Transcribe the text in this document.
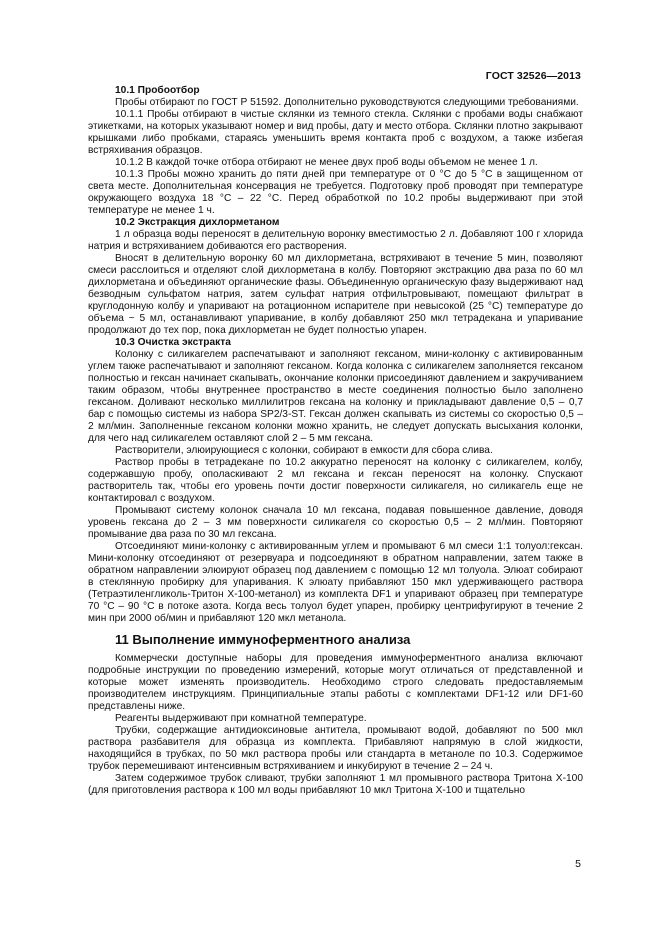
ГОСТ 32526—2013
10.1 Пробоотбор

Пробы отбирают по ГОСТ Р 51592. Дополнительно руководствуются следующими требованиями.

10.1.1 Пробы отбирают в чистые склянки из темного стекла. Склянки с пробами воды снабжают этикетками, на которых указывают номер и вид пробы, дату и место отбора. Склянки плотно закрывают крышками либо пробками, стараясь уменьшить время контакта проб с воздухом, а также избегая встряхивания образцов.

10.1.2 В каждой точке отбора отбирают не менее двух проб воды объемом не менее 1 л.

10.1.3 Пробы можно хранить до пяти дней при температуре от 0 °С до 5 °С в защищенном от света месте. Дополнительная консервация не требуется. Подготовку проб проводят при температуре окружающего воздуха 18 °С – 22 °С. Перед обработкой по 10.2 пробы выдерживают при этой температуре не менее 1 ч.

10.2 Экстракция дихлорметаном

1 л образца воды переносят в делительную воронку вместимостью 2 л. Добавляют 100 г хлорида натрия и встряхиванием добиваются его растворения.

Вносят в делительную воронку 60 мл дихлорметана, встряхивают в течение 5 мин, позволяют смеси расслоиться и отделяют слой дихлорметана в колбу. Повторяют экстракцию два раза по 60 мл дихлорметана и объединяют органические фазы. Объединенную органическую фазу выдерживают над безводным сульфатом натрия, затем сульфат натрия отфильтровывают, помещают фильтрат в круглодонную колбу и упаривают на ротационном испарителе при невысокой (25 °С) температуре до объема ~ 5 мл, останавливают упаривание, в колбу добавляют 250 мкл тетрадекана и упаривание продолжают до тех пор, пока дихлорметан не будет полностью упарен.

10.3 Очистка экстракта

Колонку с силикагелем распечатывают и заполняют гексаном, мини-колонку с активированным углем также распечатывают и заполняют гексаном. Когда колонка с силикагелем заполняется гексаном полностью и гексан начинает скапывать, окончание колонки присоединяют давлением и закручиванием таким образом, чтобы внутреннее пространство в месте соединения полностью было заполнено гексаном. Доливают несколько миллилитров гексана на колонку и прикладывают давление 0,5 – 0,7 бар с помощью системы из набора SP2/3-ST. Гексан должен скапывать из системы со скоростью 0,5 – 2 мл/мин. Заполненные гексаном колонки можно хранить, не следует допускать высыхания колонки, для чего над силикагелем оставляют слой 2 – 5 мм гексана.

Растворители, элюирующиеся с колонки, собирают в емкости для сбора слива.

Раствор пробы в тетрадекане по 10.2 аккуратно переносят на колонку с силикагелем, колбу, содержавшую пробу, ополаскивают 2 мл гексана и гексан переносят на колонку. Спускают растворитель так, чтобы его уровень почти достиг поверхности силикагеля, но силикагель еще не контактировал с воздухом.

Промывают систему колонок сначала 10 мл гексана, подавая повышенное давление, доводя уровень гексана до 2 – 3 мм поверхности силикагеля со скоростью 0,5 – 2 мл/мин. Повторяют промывание два раза по 30 мл гексана.

Отсоединяют мини-колонку с активированным углем и промывают 6 мл смеси 1:1 толуол:гексан. Мини-колонку отсоединяют от резервуара и подсоединяют в обратном направлении, затем также в обратном направлении элюируют образец под давлением с помощью 12 мл толуола. Элюат собирают в стеклянную пробирку для упаривания. К элюату прибавляют 150 мкл удерживающего раствора (Тетраэтиленгликоль-Тритон Х-100-метанол) из комплекта DF1 и упаривают образец при температуре 70 °С – 90 °С в потоке азота. Когда весь толуол будет упарен, пробирку центрифугируют в течение 2 мин при 2000 об/мин и прибавляют 120 мкл метанола.

11 Выполнение иммуноферментного анализа

Коммерчески доступные наборы для проведения иммуноферментного анализа включают подробные инструкции по проведению измерений, которые могут отличаться от представленной и которые может изменять производитель. Необходимо строго следовать предоставляемым производителем инструкциям. Принципиальные этапы работы с комплектами DF1-12 или DF1-60 представлены ниже.

Реагенты выдерживают при комнатной температуре.

Трубки, содержащие антидиоксиновые антитела, промывают водой, добавляют по 500 мкл раствора разбавителя для образца из комплекта. Прибавляют напрямую в слой жидкости, находящийся в трубках, по 50 мкл раствора пробы или стандарта в метаноле по 10.3. Содержимое трубок перемешивают интенсивным встряхиванием и инкубируют в течение 2 – 24 ч.

Затем содержимое трубок сливают, трубки заполняют 1 мл промывного раствора Тритона Х-100 (для приготовления раствора к 100 мл воды прибавляют 10 мкл Тритона Х-100 и тщательно

5
